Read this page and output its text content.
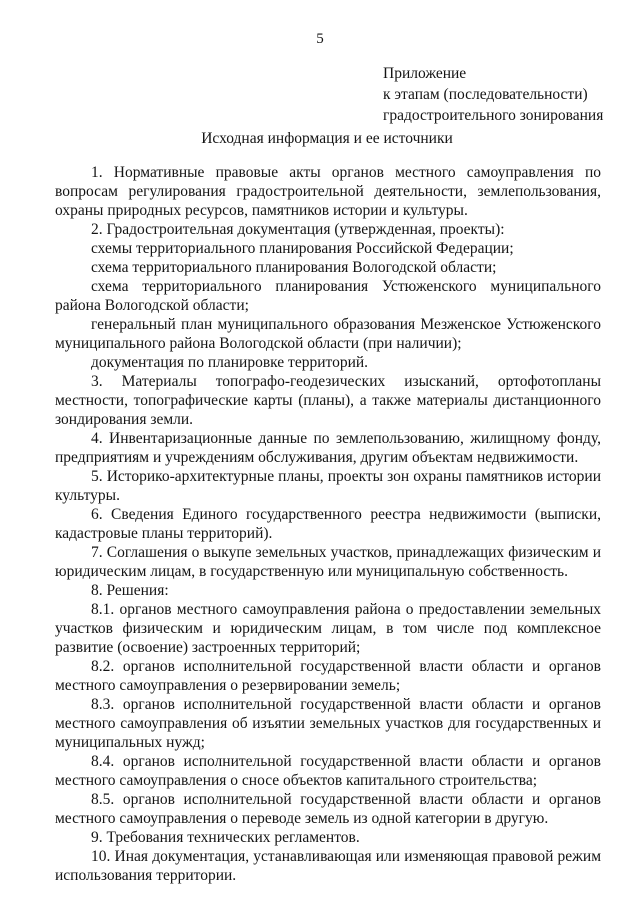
5
Приложение
к этапам (последовательности)
градостроительного зонирования
Исходная информация и ее источники

1. Нормативные правовые акты органов местного самоуправления по вопросам регулирования градостроительной деятельности, землепользования, охраны природных ресурсов, памятников истории и культуры.

2. Градостроительная документация (утвержденная, проекты):

схемы территориального планирования Российской Федерации;

схема территориального планирования Вологодской области;

схема территориального планирования Устюженского муниципального района Вологодской области;

генеральный план муниципального образования Мезженское Устюженского муниципального района Вологодской области (при наличии);

документация по планировке территорий.

3. Материалы топографо-геодезических изысканий, ортофотопланы местности, топографические карты (планы), а также материалы дистанционного зондирования земли.

4. Инвентаризационные данные по землепользованию, жилищному фонду, предприятиям и учреждениям обслуживания, другим объектам недвижимости.

5. Историко-архитектурные планы, проекты зон охраны памятников истории культуры.

6. Сведения Единого государственного реестра недвижимости (выписки, кадастровые планы территорий).

7. Соглашения о выкупе земельных участков, принадлежащих физическим и юридическим лицам, в государственную или муниципальную собственность.

8. Решения:

8.1. органов местного самоуправления района о предоставлении земельных участков физическим и юридическим лицам, в том числе под комплексное развитие (освоение) застроенных территорий;

8.2. органов исполнительной государственной власти области и органов местного самоуправления о резервировании земель;

8.3. органов исполнительной государственной власти области и органов местного самоуправления об изъятии земельных участков для государственных и муниципальных нужд;

8.4. органов исполнительной государственной власти области и органов местного самоуправления о сносе объектов капитального строительства;

8.5. органов исполнительной государственной власти области и органов местного самоуправления о переводе земель из одной категории в другую.

9. Требования технических регламентов.

10. Иная документация, устанавливающая или изменяющая правовой режим использования территории.
